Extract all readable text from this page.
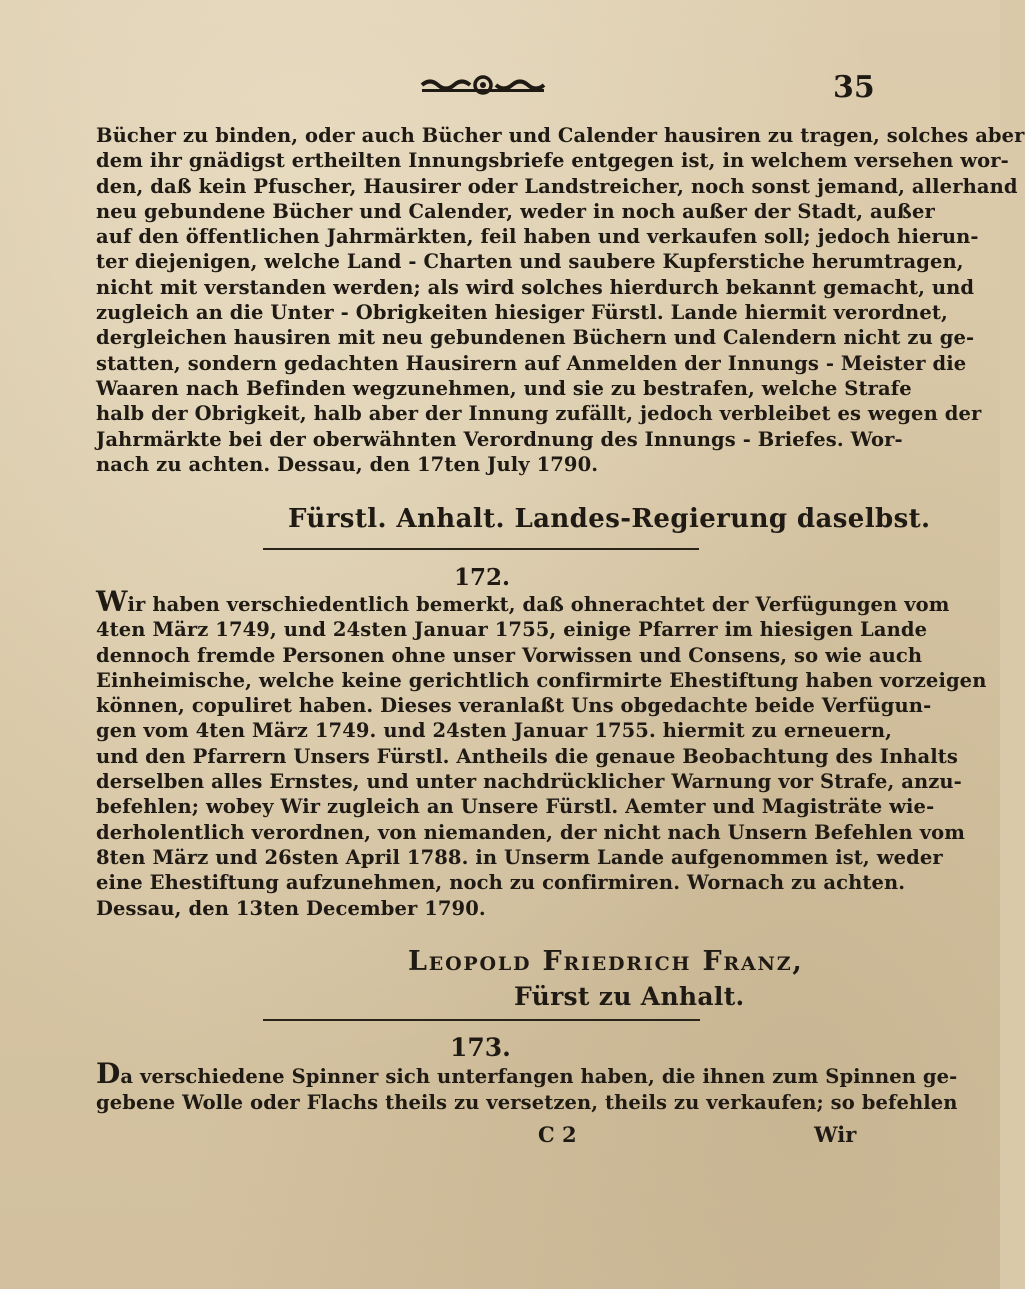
35
Bücher zu binden, oder auch Bücher und Calender hausiren zu tragen, solches aber
dem ihr gnädigst ertheilten Innungsbriefe entgegen ist, in welchem versehen wor-
den, daß kein Pfuscher, Hausirer oder Landstreicher, noch sonst jemand, allerhand
neu gebundene Bücher und Calender, weder in noch außer der Stadt, außer
auf den öffentlichen Jahrmärkten, feil haben und verkaufen soll; jedoch hierun-
ter diejenigen, welche Land - Charten und saubere Kupferstiche herumtragen,
nicht mit verstanden werden; als wird solches hierdurch bekannt gemacht, und
zugleich an die Unter - Obrigkeiten hiesiger Fürstl. Lande hiermit verordnet,
dergleichen hausiren mit neu gebundenen Büchern und Calendern nicht zu ge-
statten, sondern gedachten Hausirern auf Anmelden der Innungs - Meister die
Waaren nach Befinden wegzunehmen, und sie zu bestrafen, welche Strafe
halb der Obrigkeit, halb aber der Innung zufällt, jedoch verbleibet es wegen der
Jahrmärkte bei der oberwähnten Verordnung des Innungs - Briefes. Wor-
nach zu achten. Dessau, den 17ten July 1790.
Fürstl. Anhalt. Landes-Regierung daselbst.
172.
Wir haben verschiedentlich bemerkt, daß ohnerachtet der Verfügungen vom
4ten März 1749, und 24sten Januar 1755, einige Pfarrer im hiesigen Lande
dennoch fremde Personen ohne unser Vorwissen und Consens, so wie auch
Einheimische, welche keine gerichtlich confirmirte Ehestiftung haben vorzeigen
können, copuliret haben. Dieses veranlaßt Uns obgedachte beide Verfügun-
gen vom 4ten März 1749. und 24sten Januar 1755. hiermit zu erneuern,
und den Pfarrern Unsers Fürstl. Antheils die genaue Beobachtung des Inhalts
derselben alles Ernstes, und unter nachdrücklicher Warnung vor Strafe, anzu-
befehlen; wobey Wir zugleich an Unsere Fürstl. Aemter und Magisträte wie-
derholentlich verordnen, von niemanden, der nicht nach Unsern Befehlen vom
8ten März und 26sten April 1788. in Unserm Lande aufgenommen ist, weder
eine Ehestiftung aufzunehmen, noch zu confirmiren. Wornach zu achten.
Dessau, den 13ten December 1790.
Leopold Friedrich Franz,
Fürst zu Anhalt.
173.
Da verschiedene Spinner sich unterfangen haben, die ihnen zum Spinnen ge-
gebene Wolle oder Flachs theils zu versetzen, theils zu verkaufen; so befehlen
C 2	Wir
